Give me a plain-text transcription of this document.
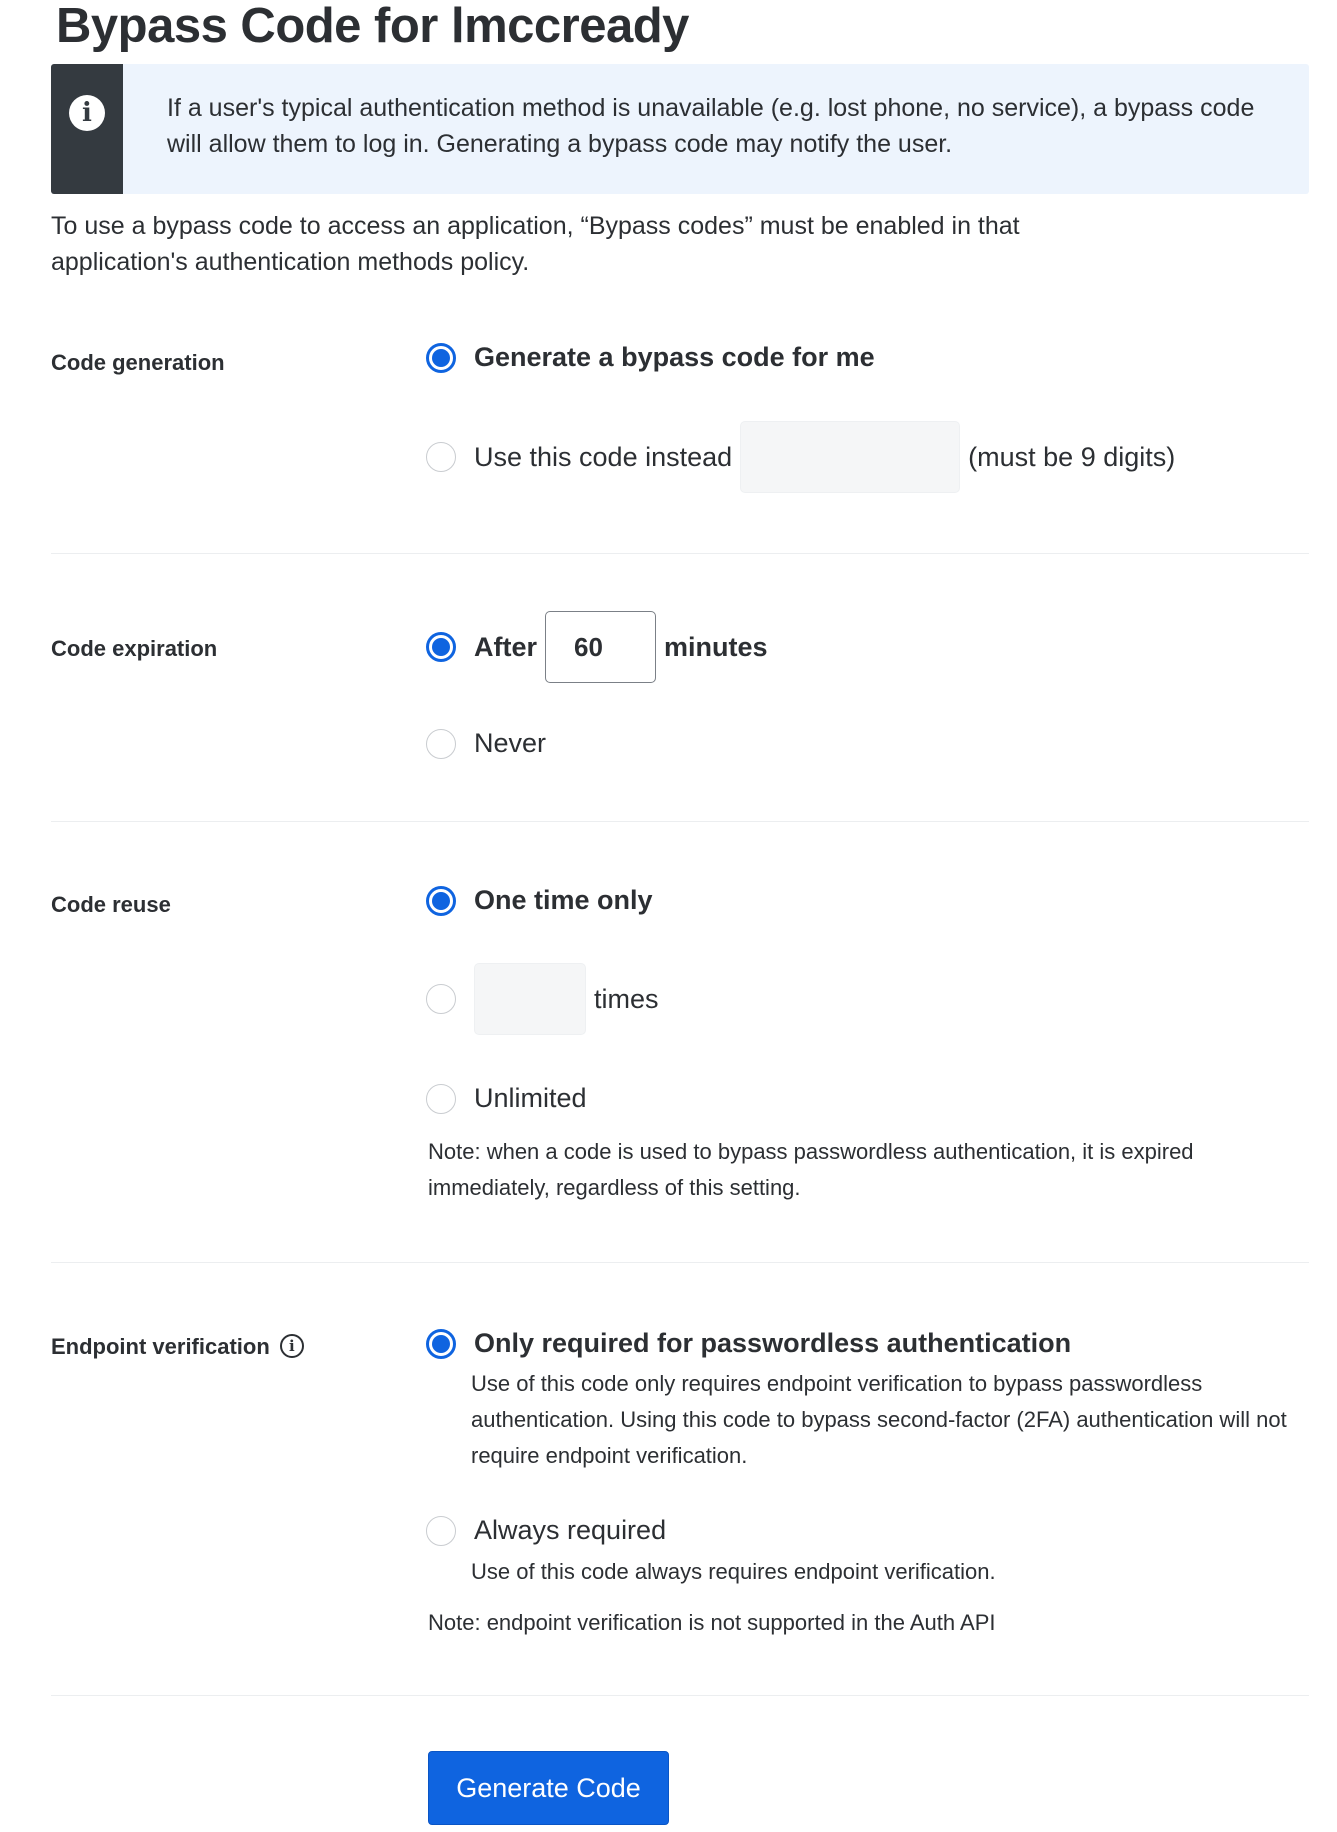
Bypass Code for lmccready
i	If a user's typical authentication method is unavailable (e.g. lost phone, no service), a bypass code will allow them to log in. Generating a bypass code may notify the user.
To use a bypass code to access an application, “Bypass codes” must be enabled in that application's authentication methods policy.
Code generation	Generate a bypass code for me
Use this code instead	(must be 9 digits)
Code expiration	After
60	minutes
Never
Code reuse	One time only
times
Unlimited
Note: when a code is used to bypass passwordless authentication, it is expired immediately, regardless of this setting.
Endpoint verification i	Only required for passwordless authentication
Use of this code only requires endpoint verification to bypass passwordless authentication. Using this code to bypass second-factor (2FA) authentication will not require endpoint verification.
Always required
Use of this code always requires endpoint verification.
Note: endpoint verification is not supported in the Auth API
Generate Code
